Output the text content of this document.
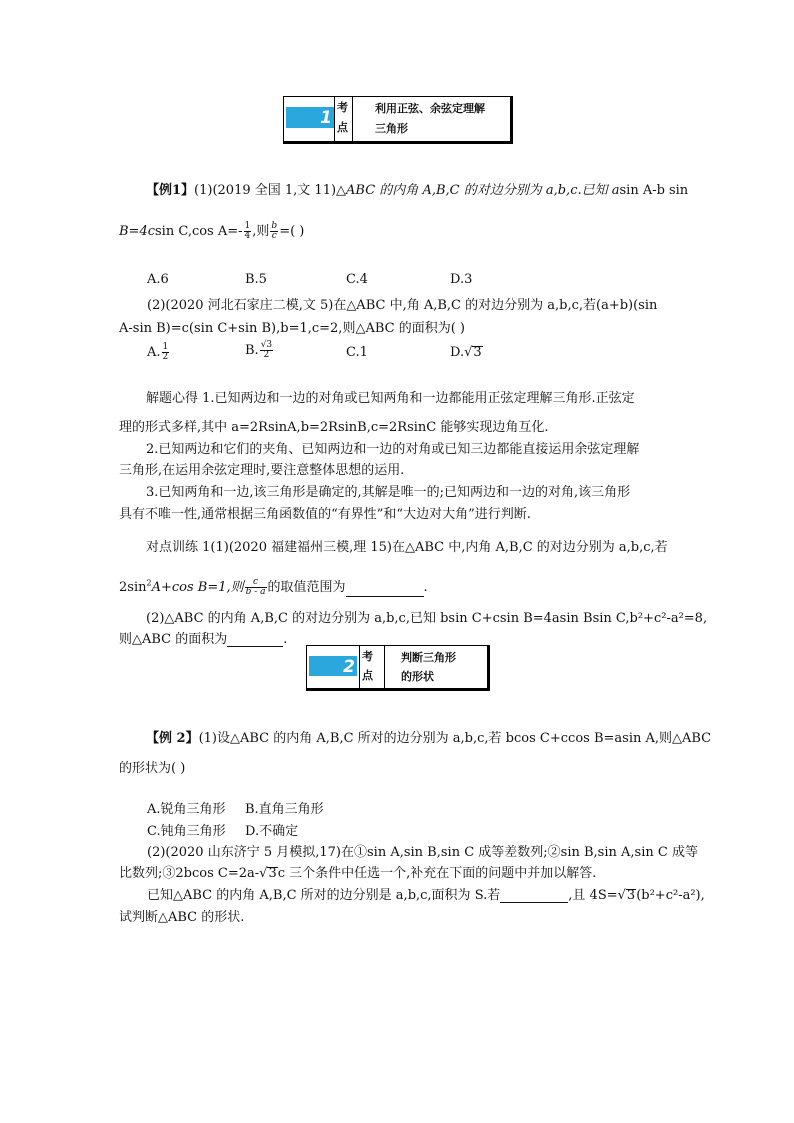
1
考
点
利用正弦、余弦定理解
三角形
【例1】(1)(2019 全国 1,文 11)△ABC 的内角 A,B,C 的对边分别为 a,b,c.已知 asin A-b sin
B=4csin C,cos $A=- \frac{1}{4}$ ,则 $\frac{b}{c}$ =( )
A.6	B.5	C.4	D.3
(2)(2020 河北石家庄二模,文 5)在△ABC 中,角 A,B,C 的对边分别为 a,b,c,若(a+b)(sin
A-sin B)=c(sin C+sin B),b=1,c=2,则△ABC 的面积为( )
A. $\frac{1}{2}$	B. $\frac{√3}{2}$	C.1	D.√3
解题心得 1.已知两边和一边的对角或已知两角和一边都能用正弦定理解三角形.正弦定
理的形式多样,其中 a=2RsinA,b=2RsinB,c=2RsinC 能够实现边角互化.
2.已知两边和它们的夹角、已知两边和一边的对角或已知三边都能直接运用余弦定理解
三角形,在运用余弦定理时,要注意整体思想的运用.
3.已知两角和一边,该三角形是确定的,其解是唯一的;已知两边和一边的对角,该三角形
具有不唯一性,通常根据三角函数值的“有界性”和“大边对大角”进行判断.
对点训练 1(1)(2020 福建福州三模,理 15)在△ABC 中,内角 A,B,C 的对边分别为 a,b,c,若
$2\sin^2A+\cos$ B=1,则 $\frac{c}{b - a}$ 的取值范围为	.
(2)△ABC 的内角 A,B,C 的对边分别为 a,b,c,已知 bsin C+csin B=4asin Bsin C,b²+c²-a²=8,
则△ABC 的面积为	.
2
考
点
判断三角形
的形状
【例 2】(1)设△ABC 的内角 A,B,C 所对的边分别为 a,b,c,若 bcos C+ccos B=asin A,则△ABC
的形状为( )
A.锐角三角形 B.直角三角形
C.钝角三角形 D.不确定
(2)(2020 山东济宁 5 月模拟,17)在①sin A,sin B,sin C 成等差数列;②sin B,sin A,sin C 成等
比数列;③2bcos C=2a-√3c 三个条件中任选一个,补充在下面的问题中并加以解答.
已知△ABC 的内角 A,B,C 所对的边分别是 a,b,c,面积为 S.若	,且 4S=√3(b²+c²-a²),
试判断△ABC 的形状.
